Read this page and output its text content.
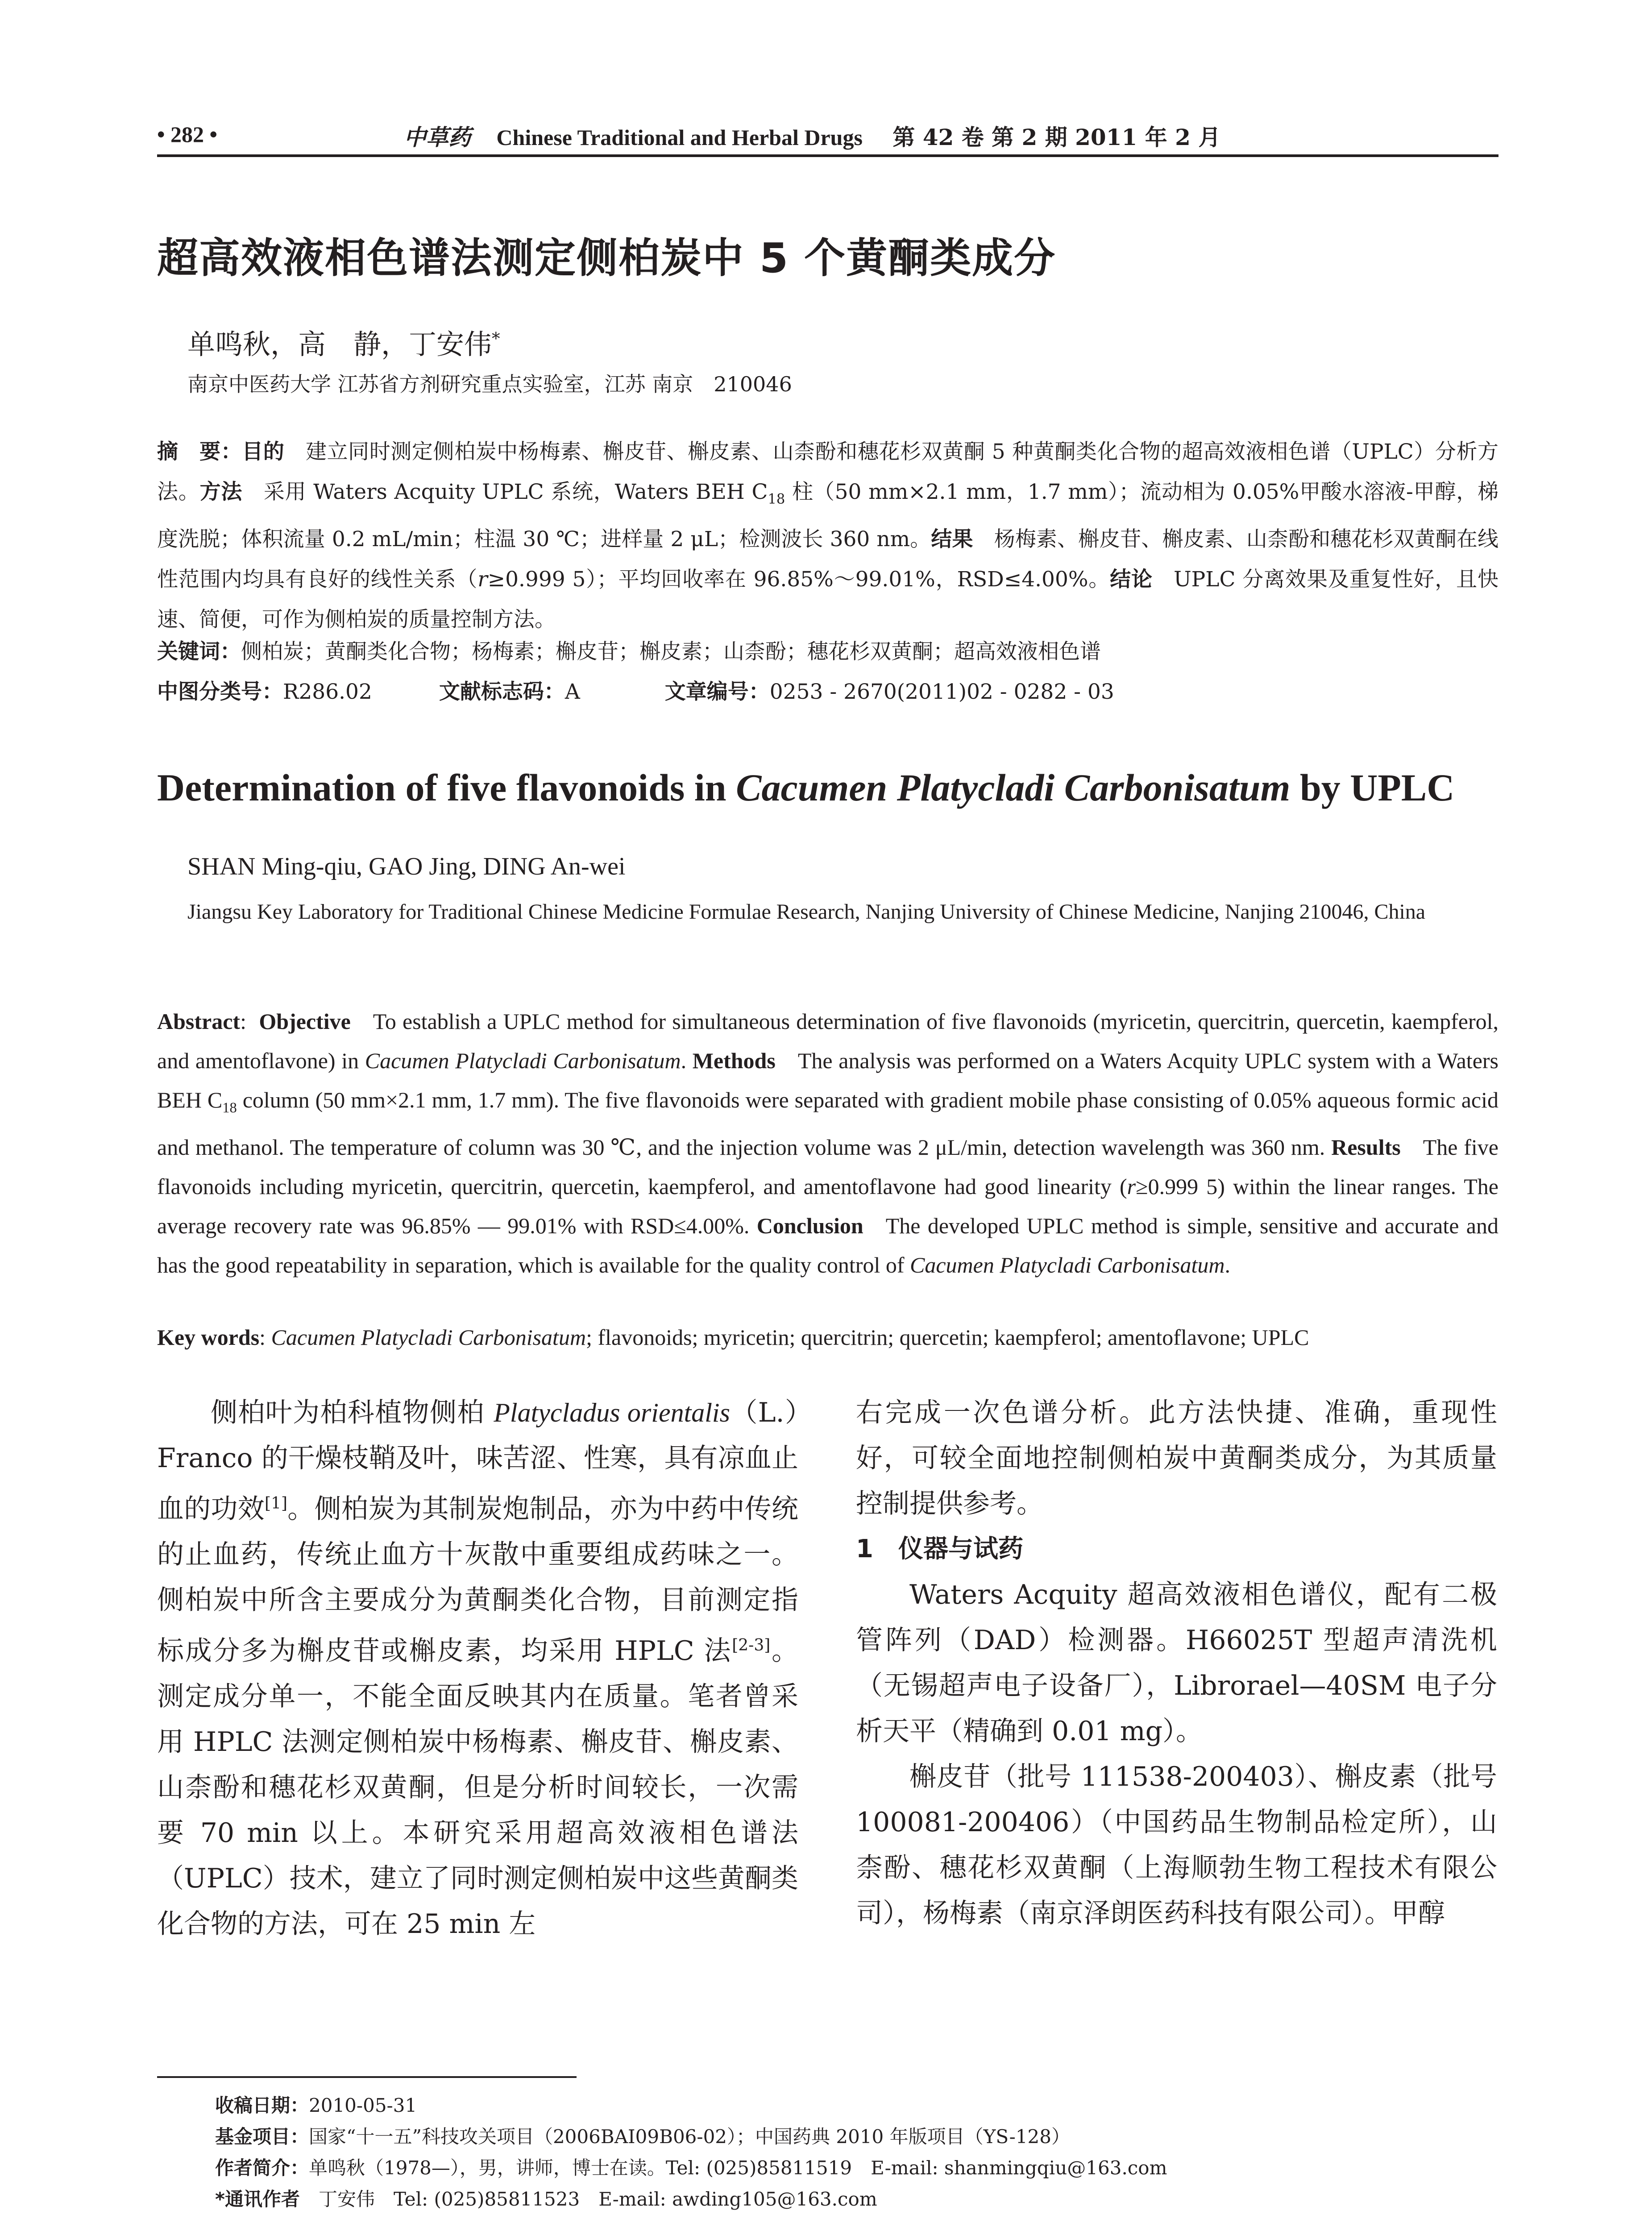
• 282 •	中草药 Chinese Traditional and Herbal Drugs 第 42 卷 第 2 期 2011 年 2 月
超高效液相色谱法测定侧柏炭中 5 个黄酮类成分
单鸣秋，高　静，丁安伟*
南京中医药大学 江苏省方剂研究重点实验室，江苏 南京　210046
摘　要：目的  建立同时测定侧柏炭中杨梅素、槲皮苷、槲皮素、山柰酚和穗花杉双黄酮 5 种黄酮类化合物的超高效液相色谱（UPLC）分析方法。方法  采用 Waters Acquity UPLC 系统，Waters BEH $C_{18}$ 柱（50 mm×2.1 mm，1.7 mm）；流动相为 0.05%甲酸水溶液-甲醇，梯度洗脱；体积流量 0.2 mL/min；柱温 30 ℃；进样量 2 μL；检测波长 360 nm。结果  杨梅素、槲皮苷、槲皮素、山柰酚和穗花杉双黄酮在线性范围内均具有良好的线性关系（r≥0.999 5）；平均回收率在 96.85%～99.01%，RSD≤4.00%。结论  UPLC 分离效果及重复性好，且快速、简便，可作为侧柏炭的质量控制方法。
关键词：侧柏炭；黄酮类化合物；杨梅素；槲皮苷；槲皮素；山柰酚；穗花杉双黄酮；超高效液相色谱
中图分类号：R286.02	文献标志码：A	文章编号：0253 - 2670(2011)02 - 0282 - 03
Determination of five flavonoids in Cacumen Platycladi Carbonisatum by UPLC
SHAN Ming-qiu, GAO Jing, DING An-wei
Jiangsu Key Laboratory for Traditional Chinese Medicine Formulae Research, Nanjing University of Chinese Medicine, Nanjing 210046, China
Abstract:  Objective  To establish a UPLC method for simultaneous determination of five flavonoids (myricetin, quercitrin, quercetin, kaempferol, and amentoflavone) in Cacumen Platycladi Carbonisatum. Methods  The analysis was performed on a Waters Acquity UPLC system with a Waters BEH $C_{18}$ column (50 mm×2.1 mm, 1.7 mm). The five flavonoids were separated with gradient mobile phase consisting of 0.05% aqueous formic acid and methanol. The temperature of column was 30 ℃, and the injection volume was 2 μL/min, detection wavelength was 360 nm. Results  The five flavonoids including myricetin, quercitrin, quercetin, kaempferol, and amentoflavone had good linearity (r≥0.999 5) within the linear ranges. The average recovery rate was 96.85% — 99.01% with RSD≤4.00%. Conclusion  The developed UPLC method is simple, sensitive and accurate and has the good repeatability in separation, which is available for the quality control of Cacumen Platycladi Carbonisatum.
Key words: Cacumen Platycladi Carbonisatum; flavonoids; myricetin; quercitrin; quercetin; kaempferol; amentoflavone; UPLC
侧柏叶为柏科植物侧柏 Platycladus orientalis（L.）Franco 的干燥枝鞘及叶，味苦涩、性寒，具有凉血止血的功效[1]。侧柏炭为其制炭炮制品，亦为中药中传统的止血药，传统止血方十灰散中重要组成药味之一。侧柏炭中所含主要成分为黄酮类化合物，目前测定指标成分多为槲皮苷或槲皮素，均采用 HPLC 法[2-3]。测定成分单一，不能全面反映其内在质量。笔者曾采用 HPLC 法测定侧柏炭中杨梅素、槲皮苷、槲皮素、山柰酚和穗花杉双黄酮，但是分析时间较长，一次需要 70 min 以上。本研究采用超高效液相色谱法（UPLC）技术，建立了同时测定侧柏炭中这些黄酮类化合物的方法，可在 25 min 左
右完成一次色谱分析。此方法快捷、准确，重现性好，可较全面地控制侧柏炭中黄酮类成分，为其质量控制提供参考。
1　仪器与试药
Waters Acquity 超高效液相色谱仪，配有二极管阵列（DAD）检测器。H66025T 型超声清洗机（无锡超声电子设备厂），Librorael—40SM 电子分析天平（精确到 0.01 mg）。
槲皮苷（批号 111538-200403）、槲皮素（批号 100081-200406）（中国药品生物制品检定所），山柰酚、穗花杉双黄酮（上海顺勃生物工程技术有限公司），杨梅素（南京泽朗医药科技有限公司）。甲醇
收稿日期：2010-05-31
基金项目：国家“十一五”科技攻关项目（2006BAI09B06-02）；中国药典 2010 年版项目（YS-128）
作者简介：单鸣秋（1978—），男，讲师，博士在读。Tel: (025)85811519　E-mail: shanmingqiu@163.com
*通讯作者  丁安伟　Tel: (025)85811523　E-mail: awding105@163.com
